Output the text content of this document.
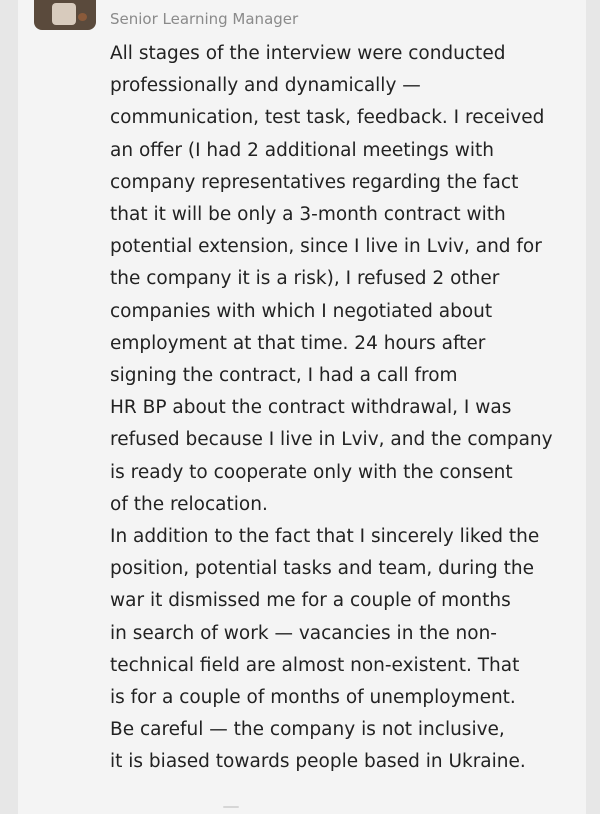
Senior Learning Manager
All stages of the interview were conducted
professionally and dynamically —
communication, test task, feedback. I received
an offer (I had 2 additional meetings with
company representatives regarding the fact
that it will be only a 3-month contract with
potential extension, since I live in Lviv, and for
the company it is a risk), I refused 2 other
companies with which I negotiated about
employment at that time. 24 hours after
signing the contract, I had a call from
HR BP about the contract withdrawal, I was
refused because I live in Lviv, and the company
is ready to cooperate only with the consent
of the relocation.
In addition to the fact that I sincerely liked the
position, potential tasks and team, during the
war it dismissed me for a couple of months
in search of work — vacancies in the non-
technical field are almost non-existent. That
is for a couple of months of unemployment.
Be careful — the company is not inclusive,
it is biased towards people based in Ukraine.
